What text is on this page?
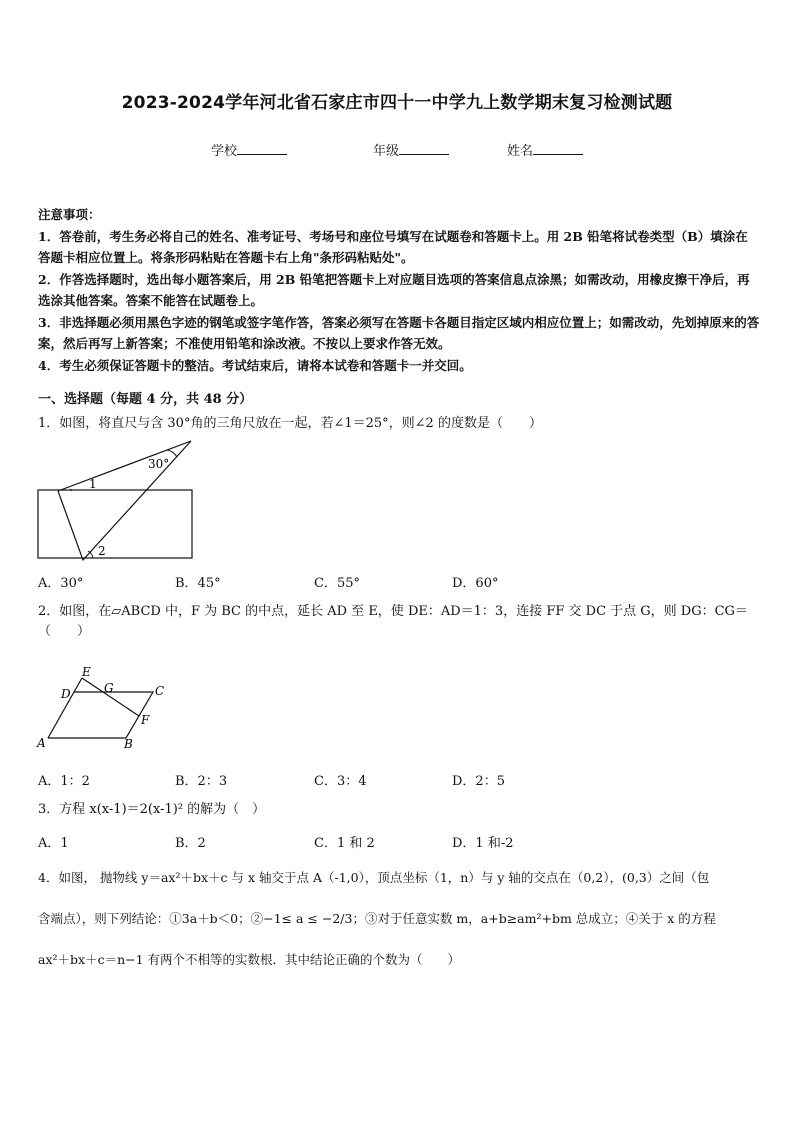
2023-2024学年河北省石家庄市四十一中学九上数学期末复习检测试题
学校	年级	姓名
注意事项：
1．答卷前，考生务必将自己的姓名、准考证号、考场号和座位号填写在试题卷和答题卡上。用 2B 铅笔将试卷类型（B）填涂在答题卡相应位置上。将条形码粘贴在答题卡右上角"条形码粘贴处"。
2．作答选择题时，选出每小题答案后，用 2B 铅笔把答题卡上对应题目选项的答案信息点涂黑；如需改动，用橡皮擦干净后，再选涂其他答案。答案不能答在试题卷上。
3．非选择题必须用黑色字迹的钢笔或签字笔作答，答案必须写在答题卡各题目指定区域内相应位置上；如需改动，先划掉原来的答案，然后再写上新答案；不准使用铅笔和涂改液。不按以上要求作答无效。
4．考生必须保证答题卡的整洁。考试结束后，请将本试卷和答题卡一并交回。
一、选择题（每题 4 分，共 48 分）
1．如图，将直尺与含 30°角的三角尺放在一起，若∠1＝25°，则∠2 的度数是（　　）
30°
1
2
A．30°	B．45°	C．55°	D．60°
2．如图，在▱ABCD 中，F 为 BC 的中点，延长 AD 至 E，使 DE：AD＝1：3，连接 FF 交 DC 于点 G，则 DG：CG＝（　　）
E
D	G	C
F
A	B
A．1：2	B．2：3	C．3：4	D．2：5
3．方程 x(x-1)＝2(x-1)² 的解为（　）
A．1	B．2	C．1 和 2	D．1 和-2
4．如图， 抛物线 y＝ax²＋bx＋c 与 x 轴交于点 A（-1,0），顶点坐标（1，n）与 y 轴的交点在（0,2），(0,3）之间（包
含端点），则下列结论：①3a＋b＜0；②−1≤ a ≤ −2/3；③对于任意实数 m，a+b≥am²+bm 总成立；④关于 x 的方程
ax²＋bx＋c＝n−1 有两个不相等的实数根．其中结论正确的个数为（　　）
